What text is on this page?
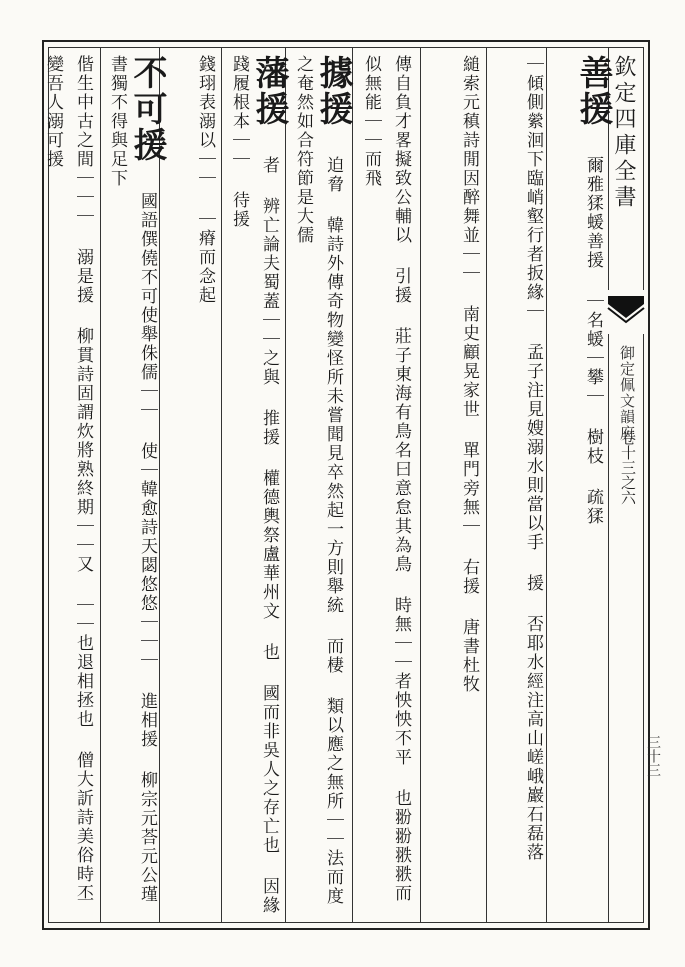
欽定四庫全書
御定佩文韻府
卷十三之六
三十三
善援 爾雅猱蝯善援 ｜名蝯｜攀｜ 樹枝 疏猱
｜傾側縈洄下臨峭壑行者扳緣｜ 孟子注見嫂溺水則當以手 援 否耶水經注高山嵯峨巖石磊落
縋索元稹詩閒因醉舞並｜｜ 南史顧晃家世 單門旁無｜ 右援 唐書杜牧
傳自負才畧擬致公輔以 引援 莊子東海有鳥名曰意怠其為鳥 時無｜｜者怏怏不平 也翂翂翐翐而似無能｜｜而飛
據援 迫脅 韓詩外傳奇物變怪所未嘗聞見卒然起一方則舉統 而棲 類以應之無所｜｜法而度之奄然如合符節是大儒
藩援 者 辨亡論夫蜀蓋｜｜之與 推援 權德輿祭盧華州文 也 國而非吳人之存亡也 因緣踐履根本｜｜ 待援
錢珝表溺以｜｜ ｜瘠而念起
不可援 國語僎僥不可使舉侏儒｜｜ 使｜韓愈詩天閟悠悠｜｜｜ 進相援 柳宗元荅元公瑾 書獨不得與足下
偕生中古之間｜｜｜ 溺是援 柳貫詩固謂炊將熟終期｜｜又 ｜｜也退相拯也 僧大訢詩美俗時丕變吾人溺可援
